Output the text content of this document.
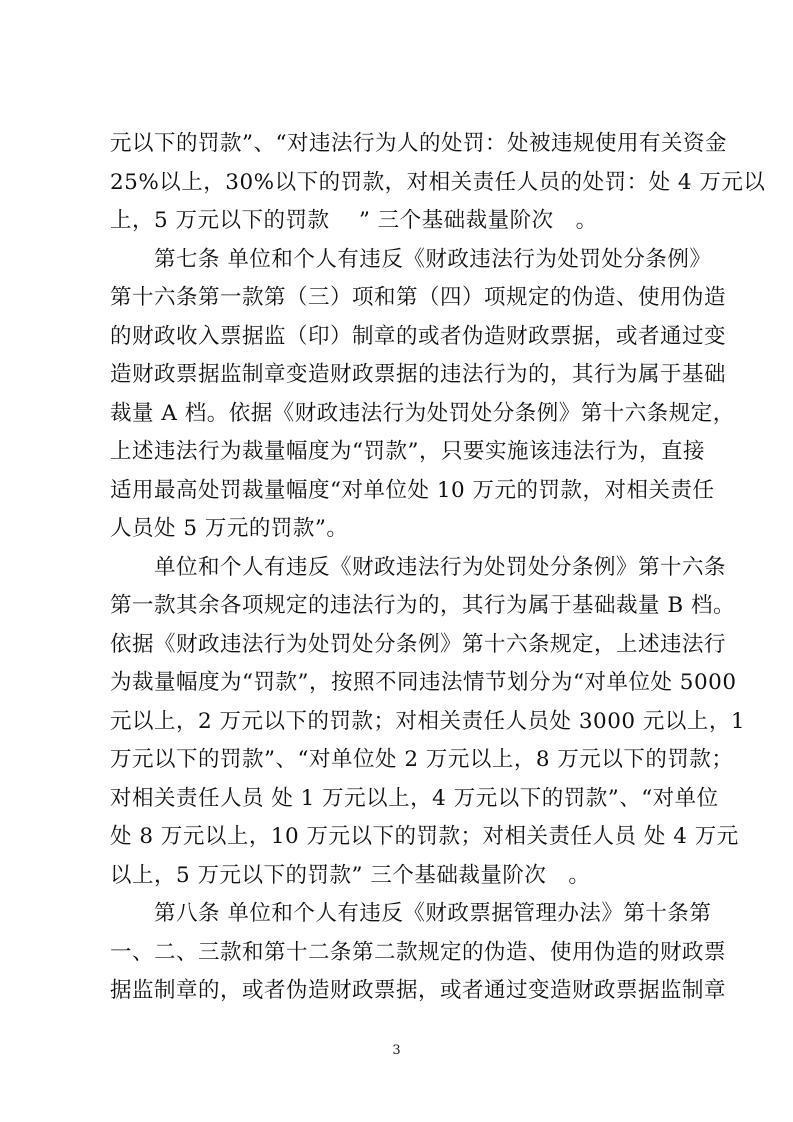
元以下的罚款”、“对违法行为人的处罚：处被违规使用有关资金
25%以上，30%以下的罚款，对相关责任人员的处罚：处 4 万元以
上，5 万元以下的罚款　 ” 三个基础裁量阶次　。
　　第七条 单位和个人有违反《财政违法行为处罚处分条例》
第十六条第一款第（三）项和第（四）项规定的伪造、使用伪造
的财政收入票据监（印）制章的或者伪造财政票据，或者通过变
造财政票据监制章变造财政票据的违法行为的，其行为属于基础
裁量 A 档。依据《财政违法行为处罚处分条例》第十六条规定，
上述违法行为裁量幅度为“罚款”，只要实施该违法行为，直接
适用最高处罚裁量幅度“对单位处 10 万元的罚款，对相关责任
人员处 5 万元的罚款”。
　　单位和个人有违反《财政违法行为处罚处分条例》第十六条
第一款其余各项规定的违法行为的，其行为属于基础裁量 B 档。
依据《财政违法行为处罚处分条例》第十六条规定，上述违法行
为裁量幅度为“罚款”，按照不同违法情节划分为“对单位处 5000
元以上，2 万元以下的罚款；对相关责任人员处 3000 元以上，1
万元以下的罚款”、“对单位处 2 万元以上，8 万元以下的罚款；
对相关责任人员 处 1 万元以上，4 万元以下的罚款”、“对单位
处 8 万元以上，10 万元以下的罚款；对相关责任人员 处 4 万元
以上，5 万元以下的罚款” 三个基础裁量阶次　。
　　第八条 单位和个人有违反《财政票据管理办法》第十条第
一、二、三款和第十二条第二款规定的伪造、使用伪造的财政票
据监制章的，或者伪造财政票据，或者通过变造财政票据监制章
3
